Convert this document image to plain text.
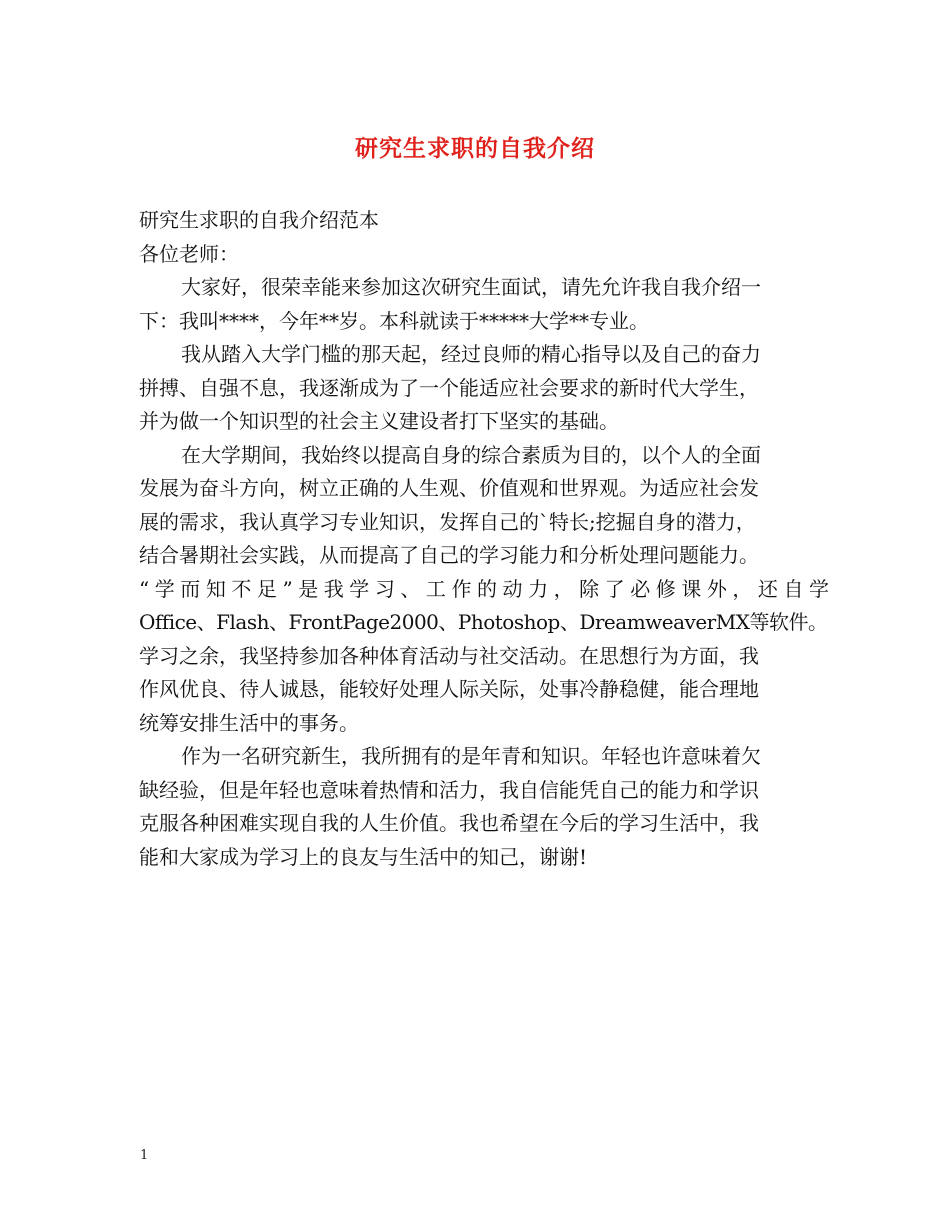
研究生求职的自我介绍
研究生求职的自我介绍范本
各位老师：
大家好，很荣幸能来参加这次研究生面试，请先允许我自我介绍一
下：我叫****，今年**岁。本科就读于*****大学**专业。
我从踏入大学门槛的那天起，经过良师的精心指导以及自己的奋力
拼搏、自强不息，我逐渐成为了一个能适应社会要求的新时代大学生，
并为做一个知识型的社会主义建设者打下坚实的基础。
在大学期间，我始终以提高自身的综合素质为目的，以个人的全面
发展为奋斗方向，树立正确的人生观、价值观和世界观。为适应社会发
展的需求，我认真学习专业知识，发挥自己的`特长;挖掘自身的潜力，
结合暑期社会实践，从而提高了自己的学习能力和分析处理问题能力。
“学而知不足”是我学习、工作的动力，除了必修课外，还自学
Office、Flash、FrontPage2000、Photoshop、DreamweaverMX等软件。
学习之余，我坚持参加各种体育活动与社交活动。在思想行为方面，我
作风优良、待人诚恳，能较好处理人际关际，处事冷静稳健，能合理地
统筹安排生活中的事务。
作为一名研究新生，我所拥有的是年青和知识。年轻也许意味着欠
缺经验，但是年轻也意味着热情和活力，我自信能凭自己的能力和学识
克服各种困难实现自我的人生价值。我也希望在今后的学习生活中，我
能和大家成为学习上的良友与生活中的知己，谢谢!
1
